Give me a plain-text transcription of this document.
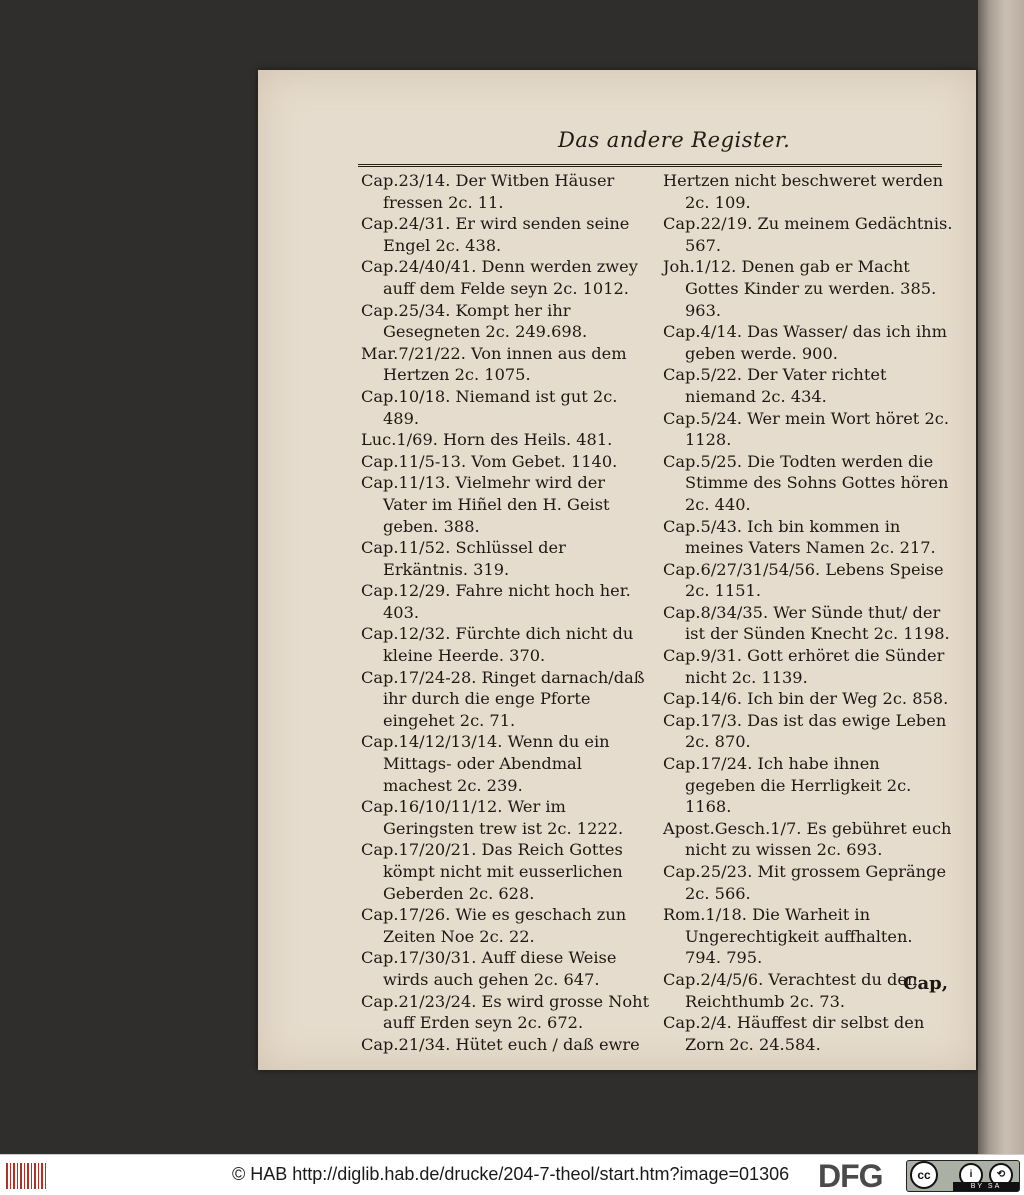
Das andere Register.

Cap.23/14. Der Witben Häuser fressen 2c. 11.

Cap.24/31. Er wird senden seine Engel 2c. 438.

Cap.24/40/41. Denn werden zwey auff dem Felde seyn 2c. 1012.

Cap.25/34. Kompt her ihr Gesegneten 2c. 249.698.

Mar.7/21/22. Von innen aus dem Hertzen 2c. 1075.

Cap.10/18. Niemand ist gut 2c. 489.

Luc.1/69. Horn des Heils. 481.

Cap.11/5-13. Vom Gebet. 1140.

Cap.11/13. Vielmehr wird der Vater im Hiñel den H. Geist geben. 388.

Cap.11/52. Schlüssel der Erkäntnis. 319.

Cap.12/29. Fahre nicht hoch her. 403.

Cap.12/32. Fürchte dich nicht du kleine Heerde. 370.

Cap.17/24-28. Ringet darnach/daß ihr durch die enge Pforte eingehet 2c. 71.

Cap.14/12/13/14. Wenn du ein Mittags- oder Abendmal machest 2c. 239.

Cap.16/10/11/12. Wer im Geringsten trew ist 2c. 1222.

Cap.17/20/21. Das Reich Gottes kömpt nicht mit eusserlichen Geberden 2c. 628.

Cap.17/26. Wie es geschach zun Zeiten Noe 2c. 22.

Cap.17/30/31. Auff diese Weise wirds auch gehen 2c. 647.

Cap.21/23/24. Es wird grosse Noht auff Erden seyn 2c. 672.

Cap.21/34. Hütet euch / daß ewre

Hertzen nicht beschweret werden 2c. 109.

Cap.22/19. Zu meinem Gedächtnis. 567.

Joh.1/12. Denen gab er Macht Gottes Kinder zu werden. 385. 963.

Cap.4/14. Das Wasser/ das ich ihm geben werde. 900.

Cap.5/22. Der Vater richtet niemand 2c. 434.

Cap.5/24. Wer mein Wort höret 2c. 1128.

Cap.5/25. Die Todten werden die Stimme des Sohns Gottes hören 2c. 440.

Cap.5/43. Ich bin kommen in meines Vaters Namen 2c. 217.

Cap.6/27/31/54/56. Lebens Speise 2c. 1151.

Cap.8/34/35. Wer Sünde thut/ der ist der Sünden Knecht 2c. 1198.

Cap.9/31. Gott erhöret die Sünder nicht 2c. 1139.

Cap.14/6. Ich bin der Weg 2c. 858.

Cap.17/3. Das ist das ewige Leben 2c. 870.

Cap.17/24. Ich habe ihnen gegeben die Herrligkeit 2c. 1168.

Apost.Gesch.1/7. Es gebühret euch nicht zu wissen 2c. 693.

Cap.25/23. Mit grossem Gepränge 2c. 566.

Rom.1/18. Die Warheit in Ungerechtigkeit auffhalten. 794. 795.

Cap.2/4/5/6. Verachtest du den Reichthumb 2c. 73.

Cap.2/4. Häuffest dir selbst den Zorn 2c. 24.584.

Cap,
© HAB http://diglib.hab.de/drucke/204-7-theol/start.htm?image=01306 DFG	cc	i	⟲
BY SA
